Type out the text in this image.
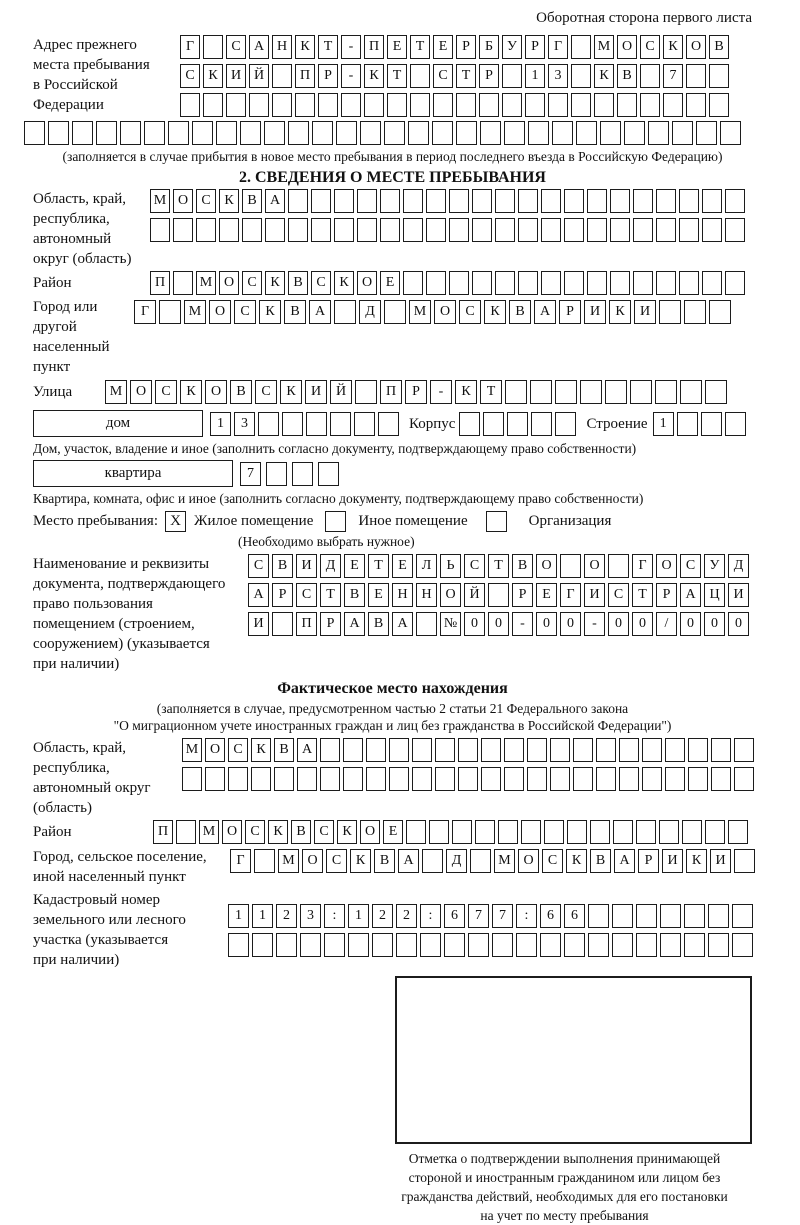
Оборотная сторона первого листа
Адрес прежнего
места пребывания
в Российской
Федерации
Г	С А Н К	Т	-	П Е	Т	Е	Р	Б	У	Р	Г	М О С К О В
С К И Й	П	Р	-	К	Т	С	Т	Р	1	3	К В	7
(заполняется в случае прибытия в новое место пребывания в период последнего въезда в Российскую Федерацию)
2. СВЕДЕНИЯ О МЕСТЕ ПРЕБЫВАНИЯ
Область, край,
республика,
автономный
округ (область)
М О С К В А
Район	П	М О С К В С К О Е
Город или другой
населенный пункт
Г	М О	С	К	В	А	Д	М О	С	К	В	А	Р	И	К	И
Улица	М О	С	К	О	В	С	К	И	Й	П	Р	-	К	Т
дом	1	3	Корпус	Строение 1
Дом, участок, владение и иное (заполнить согласно документу, подтверждающему право собственности)
квартира	7
Квартира, комната, офис и иное (заполнить согласно документу, подтверждающему право собственности)
Место пребывания: X Жилое помещение	Иное помещение	Организация
(Необходимо выбрать нужное)
Наименование и реквизиты
документа, подтверждающего
право пользования
помещением (строением,
сооружением) (указывается
при наличии)
С	В	И	Д	Е	Т	Е	Л	Ь	С	Т	В	О	О	Г	О	С	У	Д
А	Р	С	Т	В	Е	Н Н О Й	Р	Е	Г	И	С	Т	Р	А Ц И
И	П	Р	А	В	А	№ 0	0	-	0	0	-	0	0	/	0	0	0
Фактическое место нахождения
(заполняется в случае, предусмотренном частью 2 статьи 21 Федерального закона
"О миграционном учете иностранных граждан и лиц без гражданства в Российской Федерации")
Область, край,
республика,
автономный округ
(область)
М О С К В А
Район	П	М О С К В С К О Е
Город, сельское поселение,
иной населенный пункт
Г	М О	С	К	В	А	Д	М О	С	К	В	А	Р	И	К	И
Кадастровый номер
земельного или лесного
участка (указывается
при наличии)
1	1	2	3	:	1	2	2	:	6	7	7	:	6	6
Отметка о подтверждении выполнения принимающей
стороной и иностранным гражданином или лицом без
гражданства действий, необходимых для его постановки
на учет по месту пребывания
